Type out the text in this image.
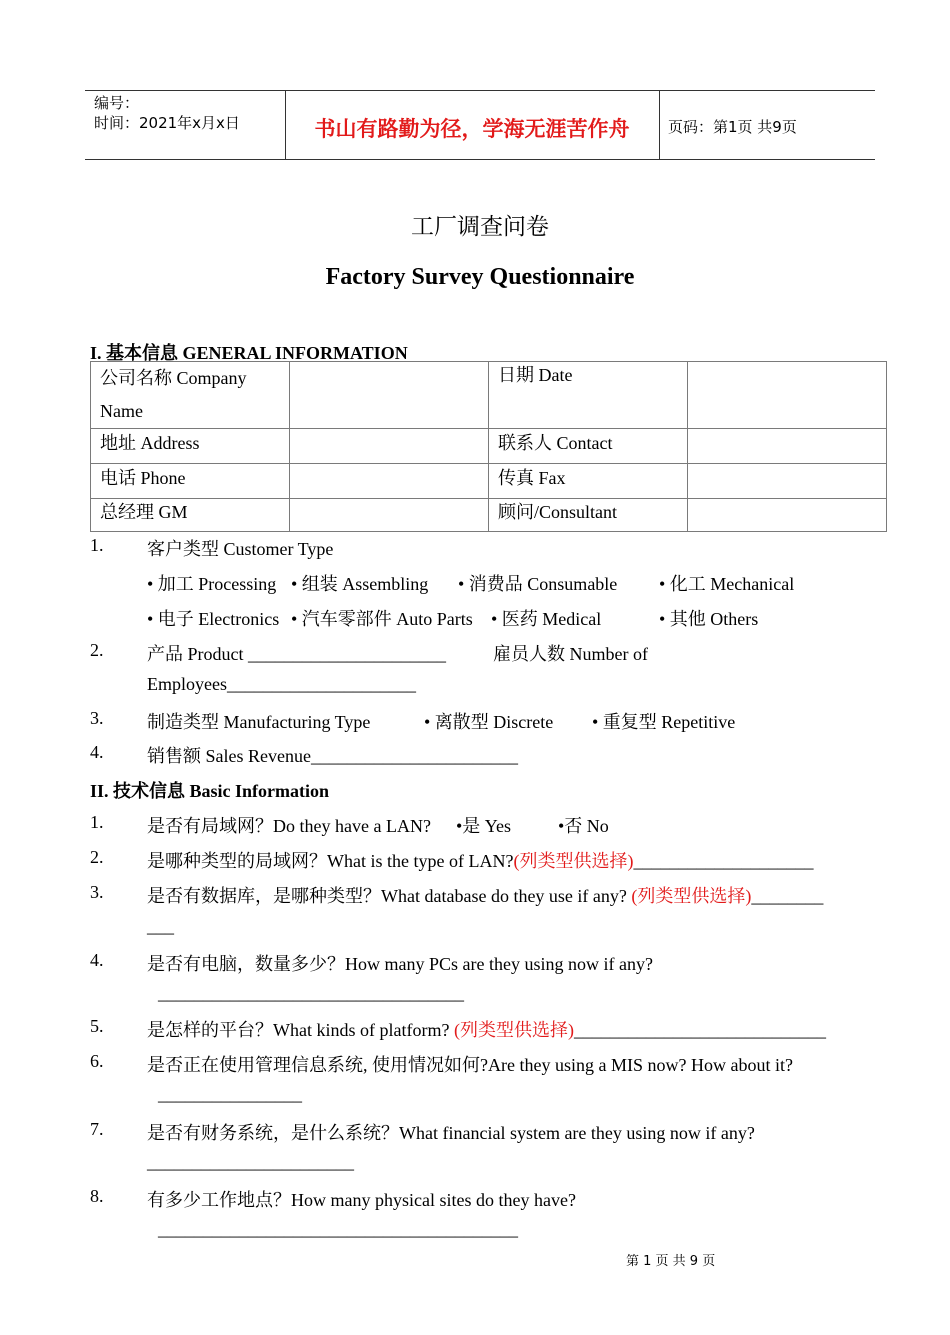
编号：
时间：2021年x月x日	书山有路勤为径，学海无涯苦作舟	页码：第1页 共9页
工厂调查问卷
Factory Survey Questionnaire
I. 基本信息 GENERAL INFORMATION
公司名称 Company Name		日期 Date	
地址 Address		联系人 Contact	
电话 Phone		传真 Fax	
总经理 GM		顾问/Consultant	
1. 客户类型 Customer Type
• 加工 Processing • 组装 Assembling • 消费品 Consumable • 化工 Mechanical
• 电子 Electronics • 汽车零部件 Auto Parts • 医药 Medical	• 其他 Others
2. 产品 Product ______________________	雇员人数 Number of
Employees_____________________
3. 制造类型 Manufacturing Type	• 离散型 Discrete • 重复型 Repetitive
4. 销售额 Sales Revenue_______________________
II. 技术信息 Basic Information
1. 是否有局域网？Do they have a LAN? •是 Yes	•否 No
2. 是哪种类型的局域网？What is the type of LAN?(列类型供选择)____________________
3. 是否有数据库，是哪种类型？What database do they use if any? (列类型供选择)________
___
4. 是否有电脑，数量多少？How many PCs are they using now if any?
__________________________________
5. 是怎样的平台？What kinds of platform? (列类型供选择)____________________________
6. 是否正在使用管理信息系统, 使用情况如何?Are they using a MIS now? How about it?
________________
7. 是否有财务系统，是什么系统？What financial system are they using now if any?
_______________________
8. 有多少工作地点？How many physical sites do they have?
________________________________________
第 1 页 共 9 页
